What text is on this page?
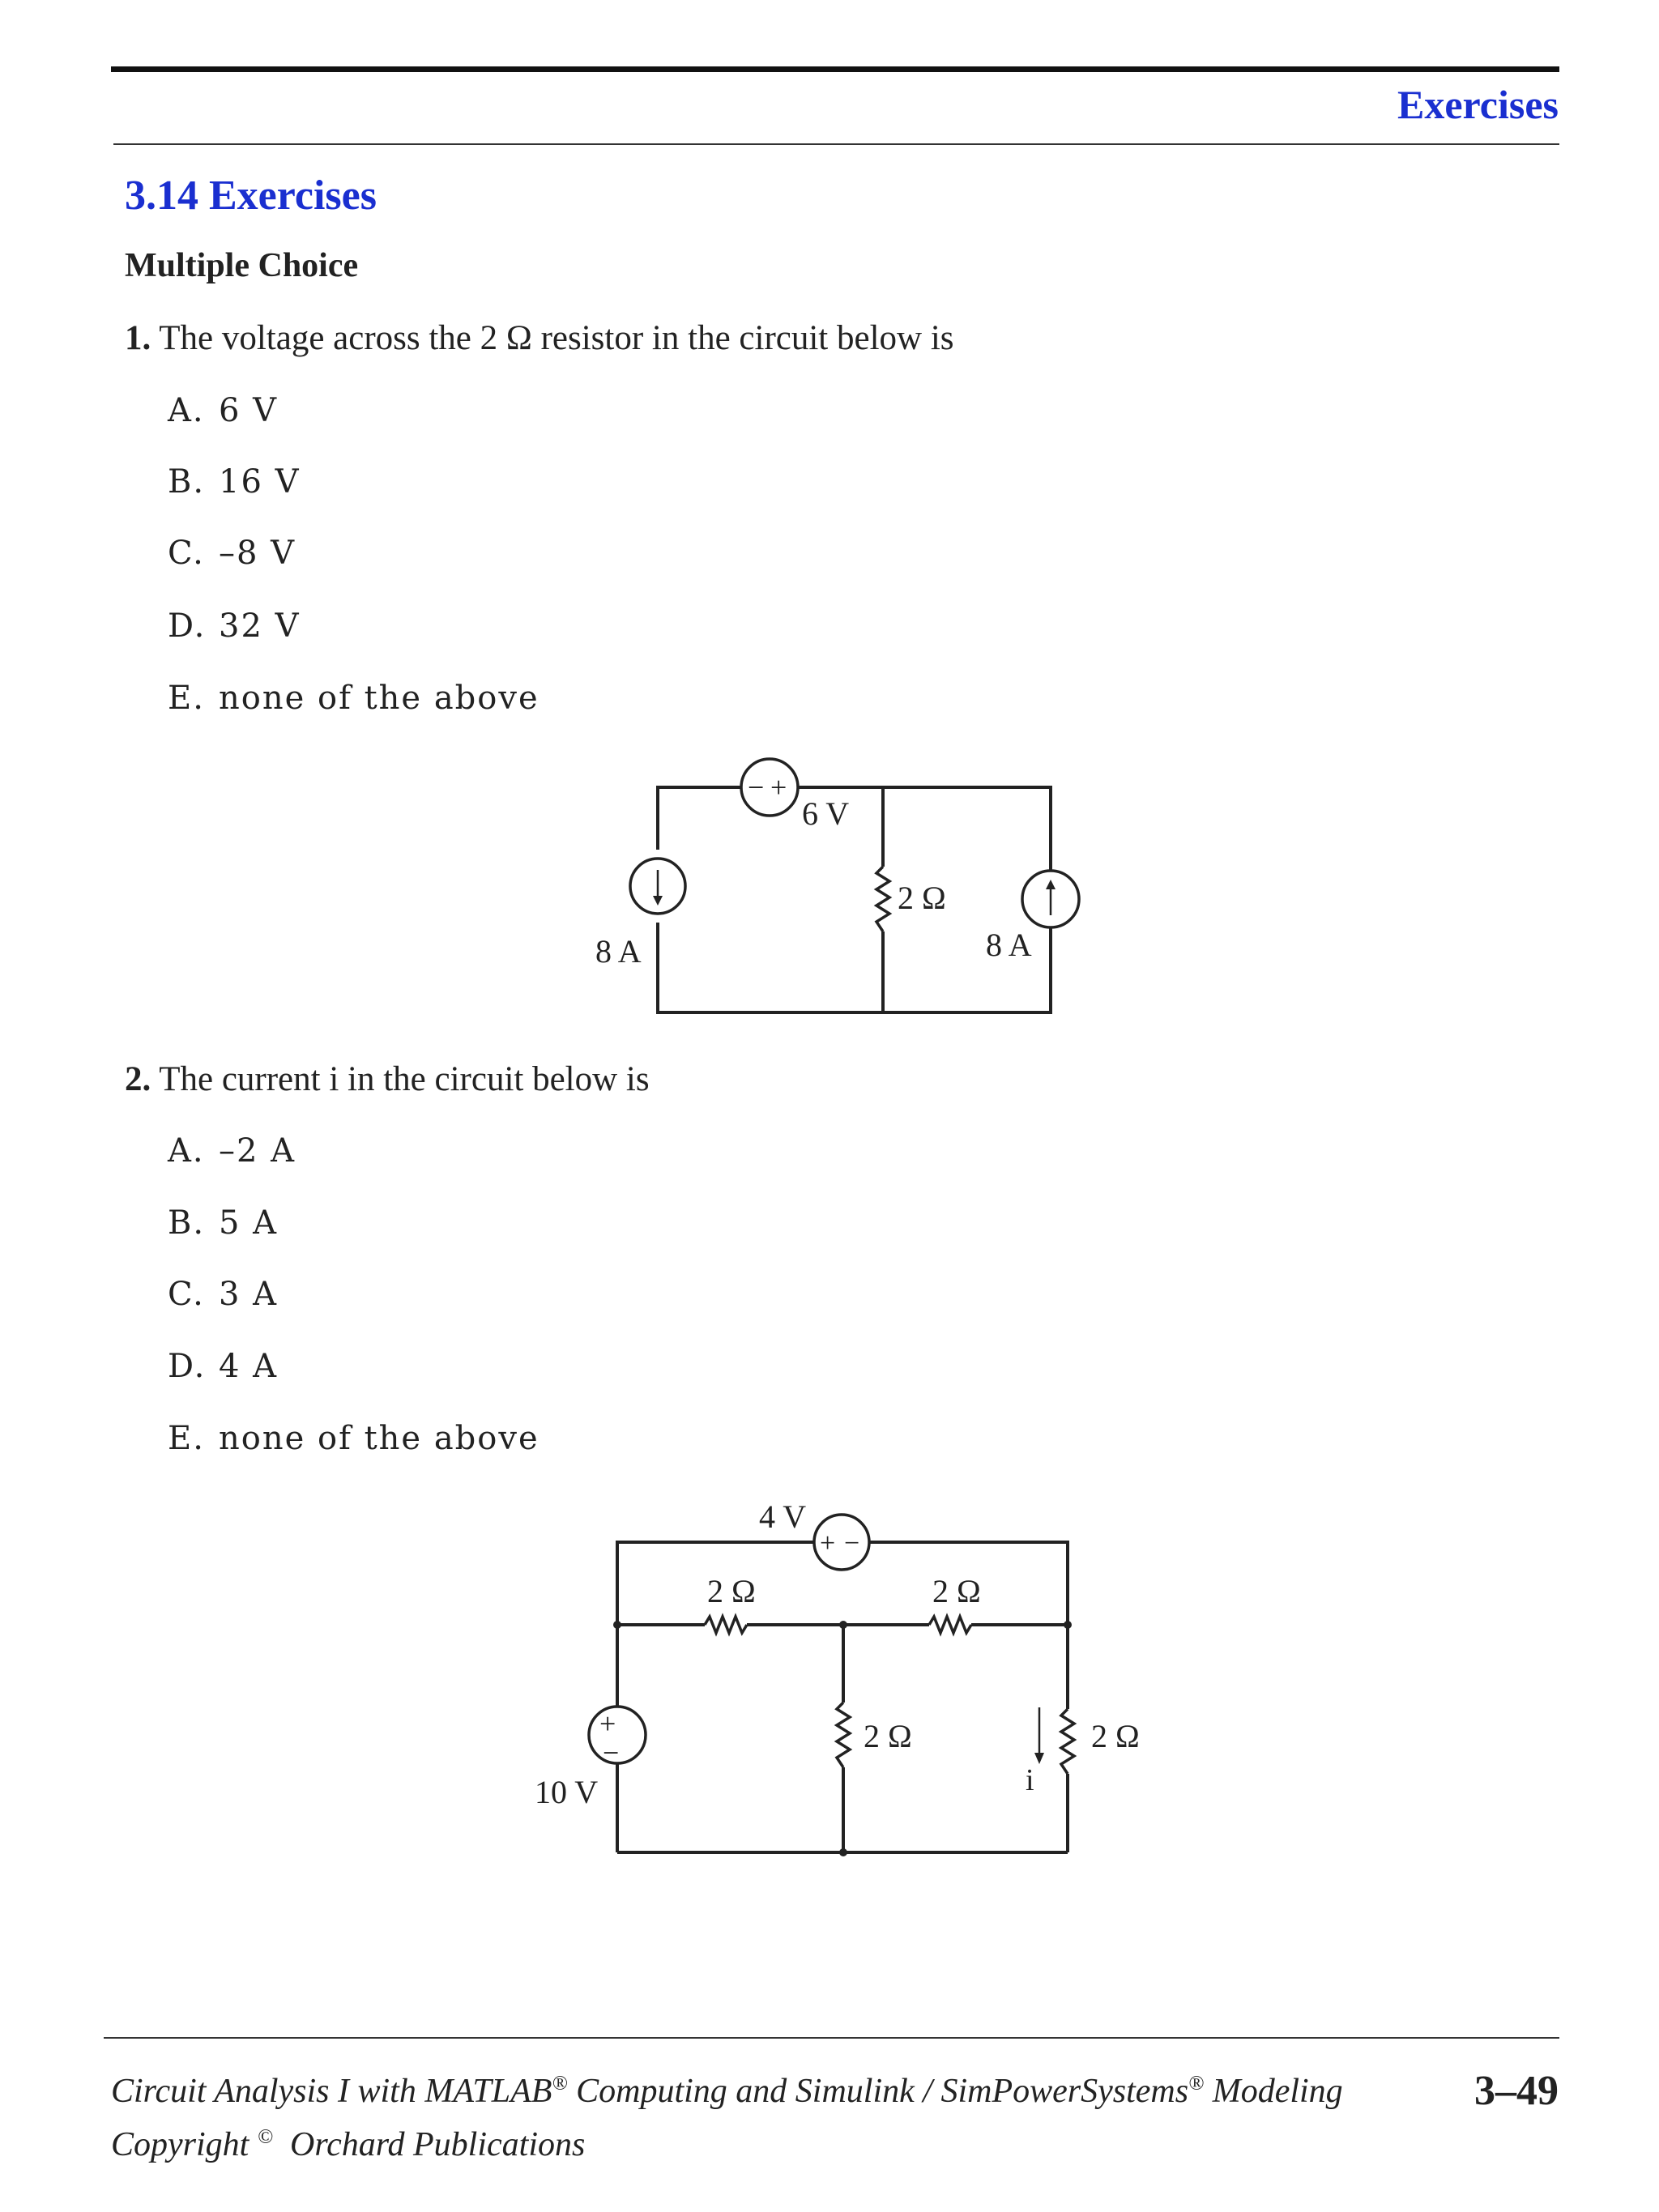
Exercises
3.14 Exercises
Multiple Choice
1. The voltage across the 2 Ω resistor in the circuit below is
A. 6 V
B. 16 V
C. –8 V
D. 32 V
E. none of the above
− +
6 V
2 Ω
8 A	8 A
2. The current i in the circuit below is
A. –2 A
B. 5 A
C. 3 A
D. 4 A
E. none of the above
+ −
+
−
4 V
2 Ω	2 Ω
2 Ω	2 Ω
i
10 V
Circuit Analysis I with MATLAB® Computing and Simulink / SimPowerSystems® Modeling
Copyright © Orchard Publications
3–49
